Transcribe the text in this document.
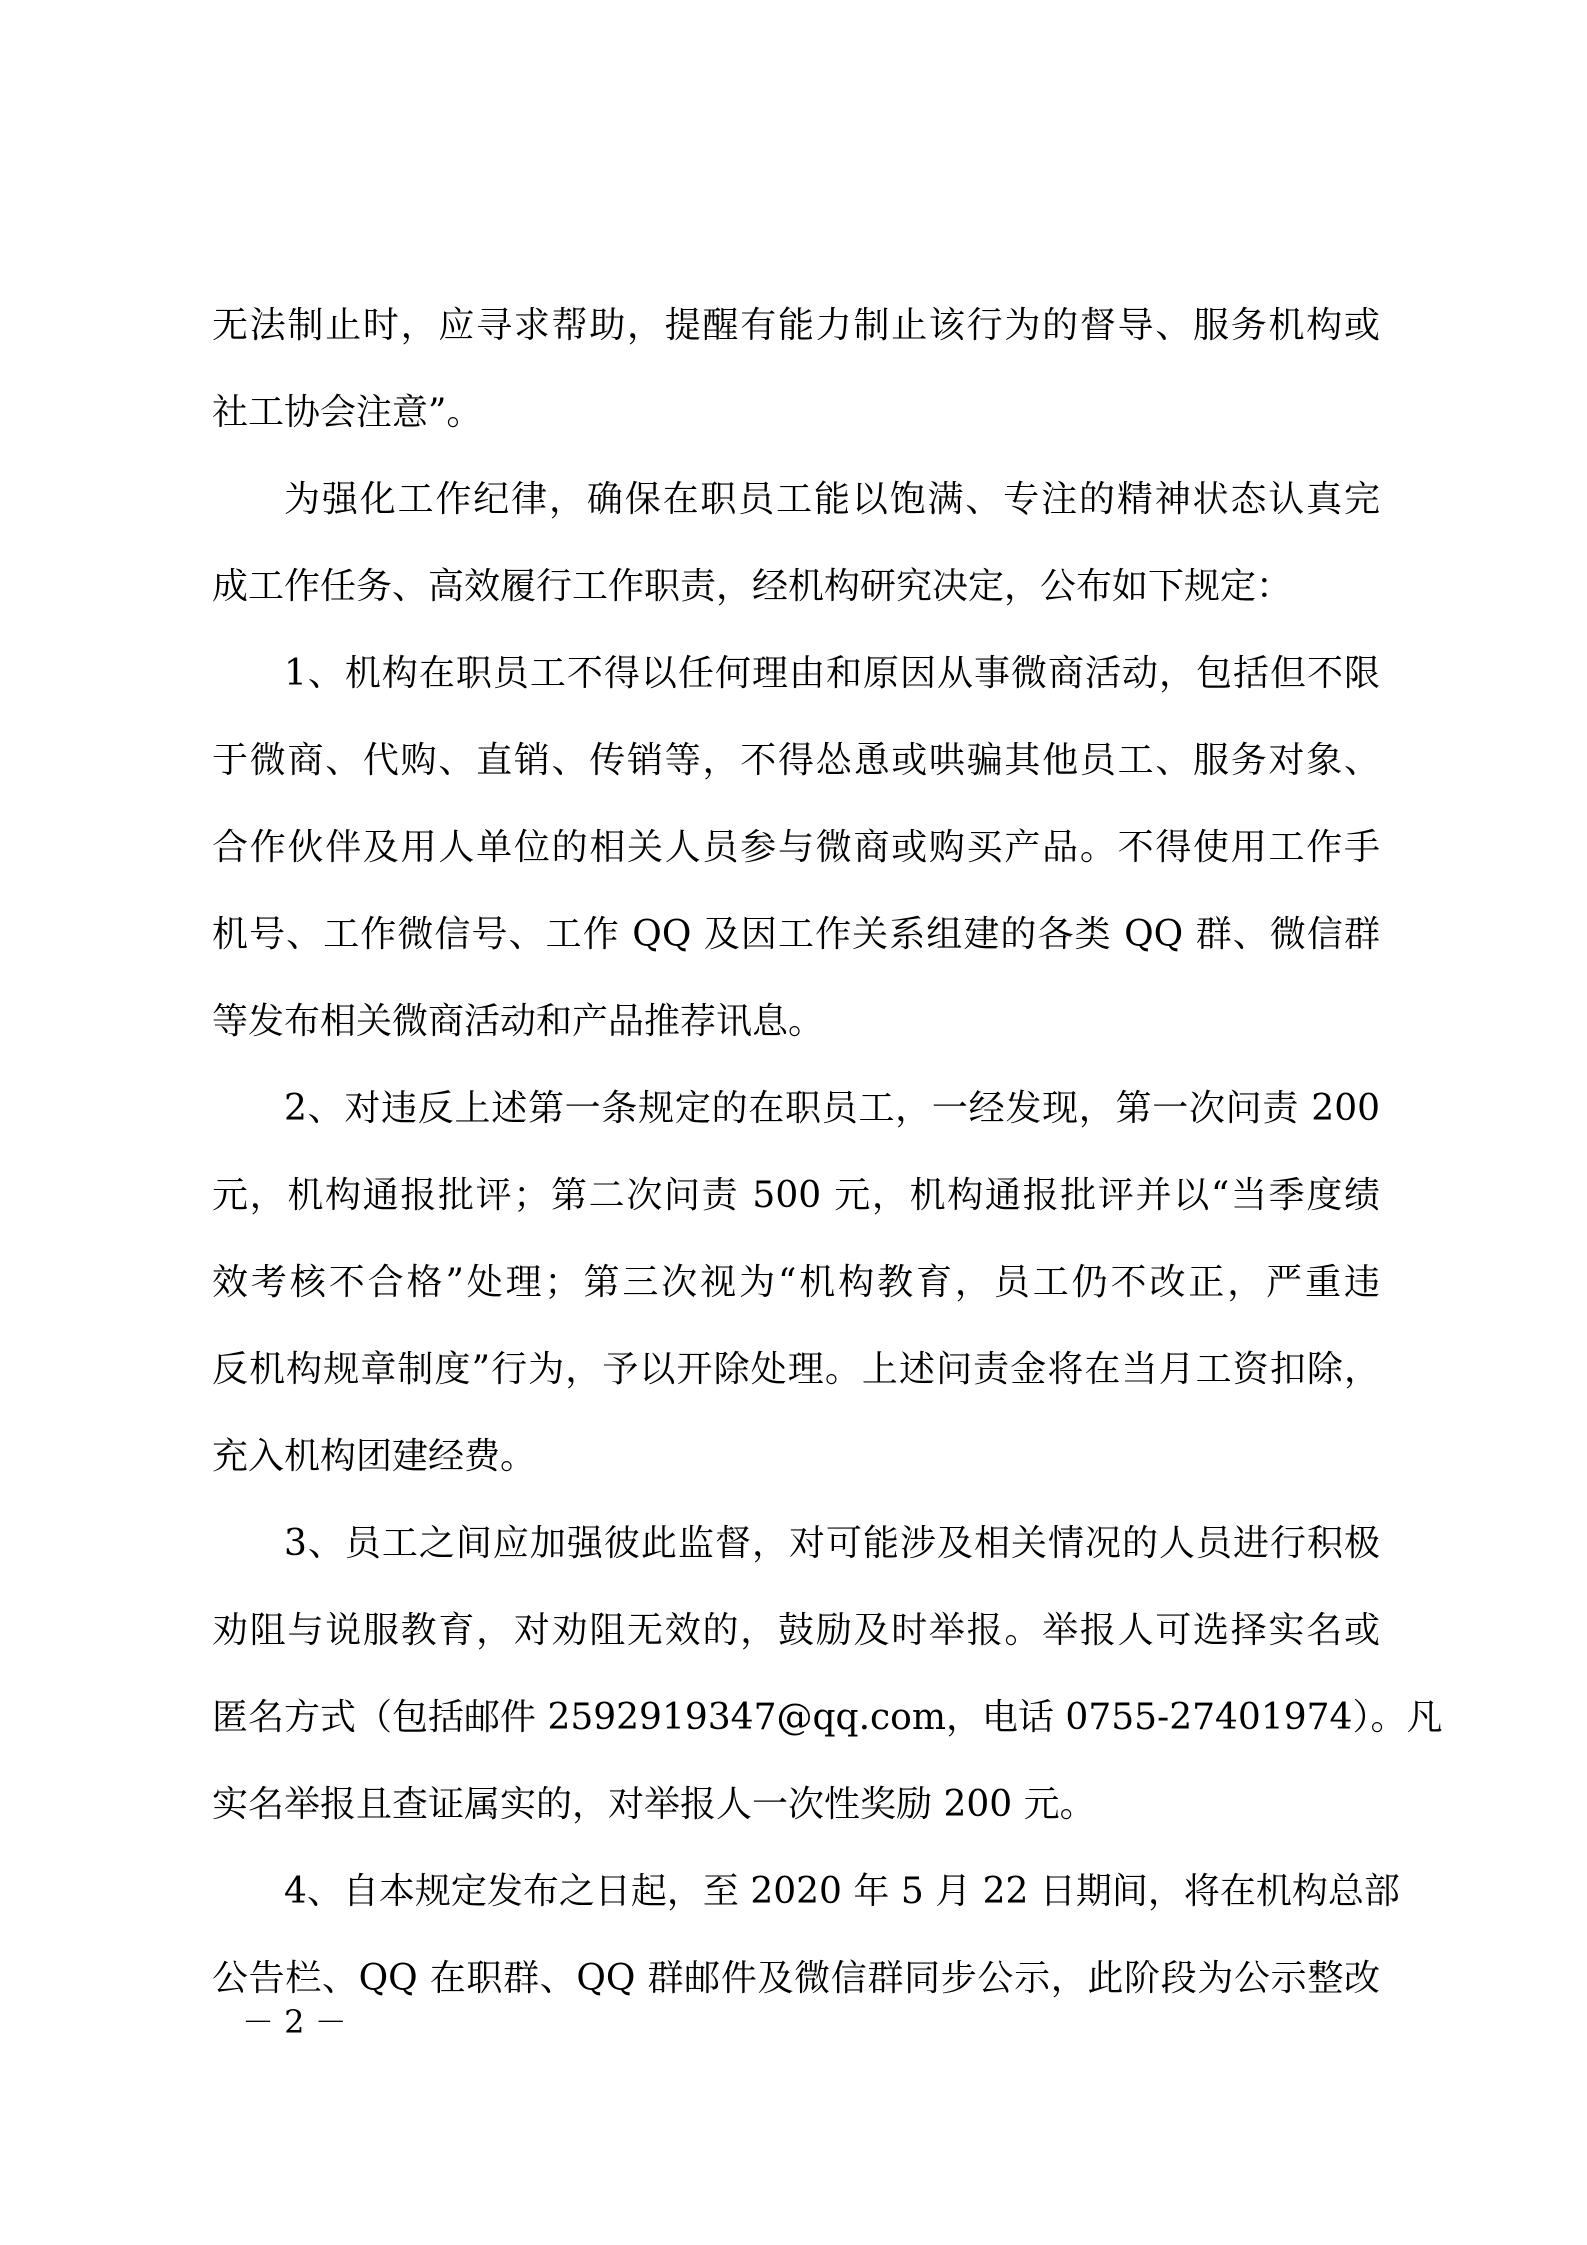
无法制止时，应寻求帮助，提醒有能力制止该行为的督导、服务机构或
社工协会注意”。
为强化工作纪律，确保在职员工能以饱满、专注的精神状态认真完
成工作任务、高效履行工作职责，经机构研究决定，公布如下规定：
1、机构在职员工不得以任何理由和原因从事微商活动，包括但不限
于微商、代购、直销、传销等，不得怂恿或哄骗其他员工、服务对象、
合作伙伴及用人单位的相关人员参与微商或购买产品。不得使用工作手
机号、工作微信号、工作 QQ 及因工作关系组建的各类 QQ 群、微信群
等发布相关微商活动和产品推荐讯息。
2、对违反上述第一条规定的在职员工，一经发现，第一次问责 200
元，机构通报批评；第二次问责 500 元，机构通报批评并以“当季度绩
效考核不合格”处理；第三次视为“机构教育，员工仍不改正，严重违
反机构规章制度”行为，予以开除处理。上述问责金将在当月工资扣除，
充入机构团建经费。
3、员工之间应加强彼此监督，对可能涉及相关情况的人员进行积极
劝阻与说服教育，对劝阻无效的，鼓励及时举报。举报人可选择实名或
匿名方式（包括邮件 2592919347@qq.com，电话 0755-27401974）。凡
实名举报且查证属实的，对举报人一次性奖励 200 元。
4、自本规定发布之日起，至 2020 年 5 月 22 日期间，将在机构总部
公告栏、QQ 在职群、QQ 群邮件及微信群同步公示，此阶段为公示整改
－ 2 －
